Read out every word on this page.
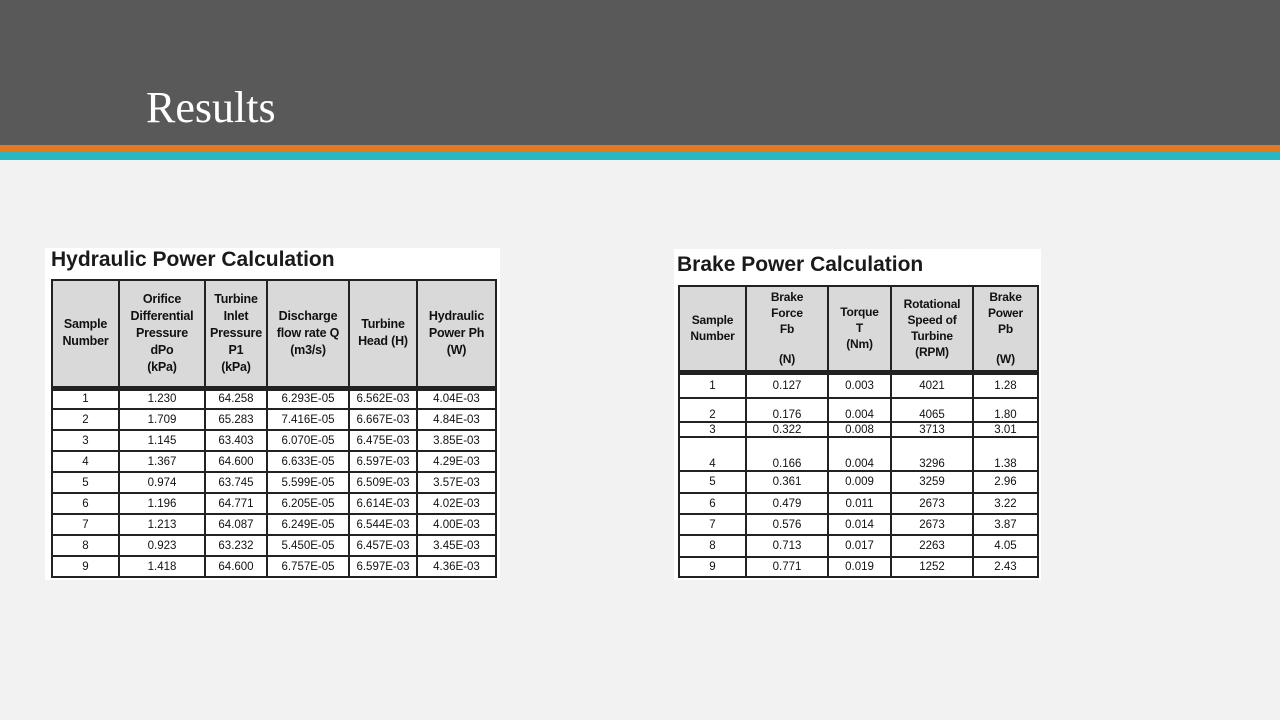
Results
Hydraulic Power Calculation
Sample
Number	Orifice
Differential
Pressure
dPo
(kPa)	Turbine
Inlet
Pressure
P1
(kPa)	Discharge
flow rate Q
(m3/s)	Turbine
Head (H)	Hydraulic
Power Ph
(W)

1	1.230	64.258	6.293E-05	6.562E-03	4.04E-03
2	1.709	65.283	7.416E-05	6.667E-03	4.84E-03
3	1.145	63.403	6.070E-05	6.475E-03	3.85E-03
4	1.367	64.600	6.633E-05	6.597E-03	4.29E-03
5	0.974	63.745	5.599E-05	6.509E-03	3.57E-03
6	1.196	64.771	6.205E-05	6.614E-03	4.02E-03
7	1.213	64.087	6.249E-05	6.544E-03	4.00E-03
8	0.923	63.232	5.450E-05	6.457E-03	3.45E-03
9	1.418	64.600	6.757E-05	6.597E-03	4.36E-03
Brake Power Calculation
Sample
Number	Brake
Force
Fb
(N)	Torque
T
(Nm)	Rotational
Speed of
Turbine
(RPM)	Brake
Power
Pb
(W)

1	0.127	0.003	4021	1.28
2	0.176	0.004	4065	1.80
3	0.322	0.008	3713	3.01
4	0.166	0.004	3296	1.38
5	0.361	0.009	3259	2.96
6	0.479	0.011	2673	3.22
7	0.576	0.014	2673	3.87
8	0.713	0.017	2263	4.05
9	0.771	0.019	1252	2.43
